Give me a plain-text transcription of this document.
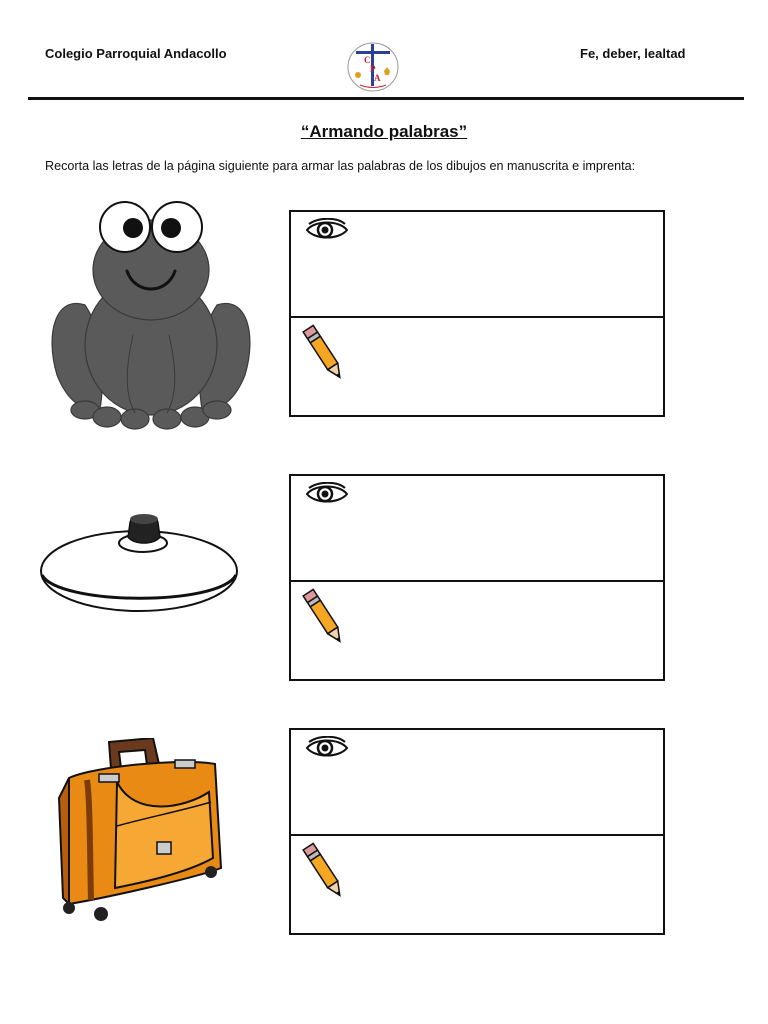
Colegio Parroquial Andacollo	C
P
A
Fe, deber, lealtad
“Armando palabras”
Recorta las letras de la página siguiente para armar las palabras de los dibujos en manuscrita e imprenta:
